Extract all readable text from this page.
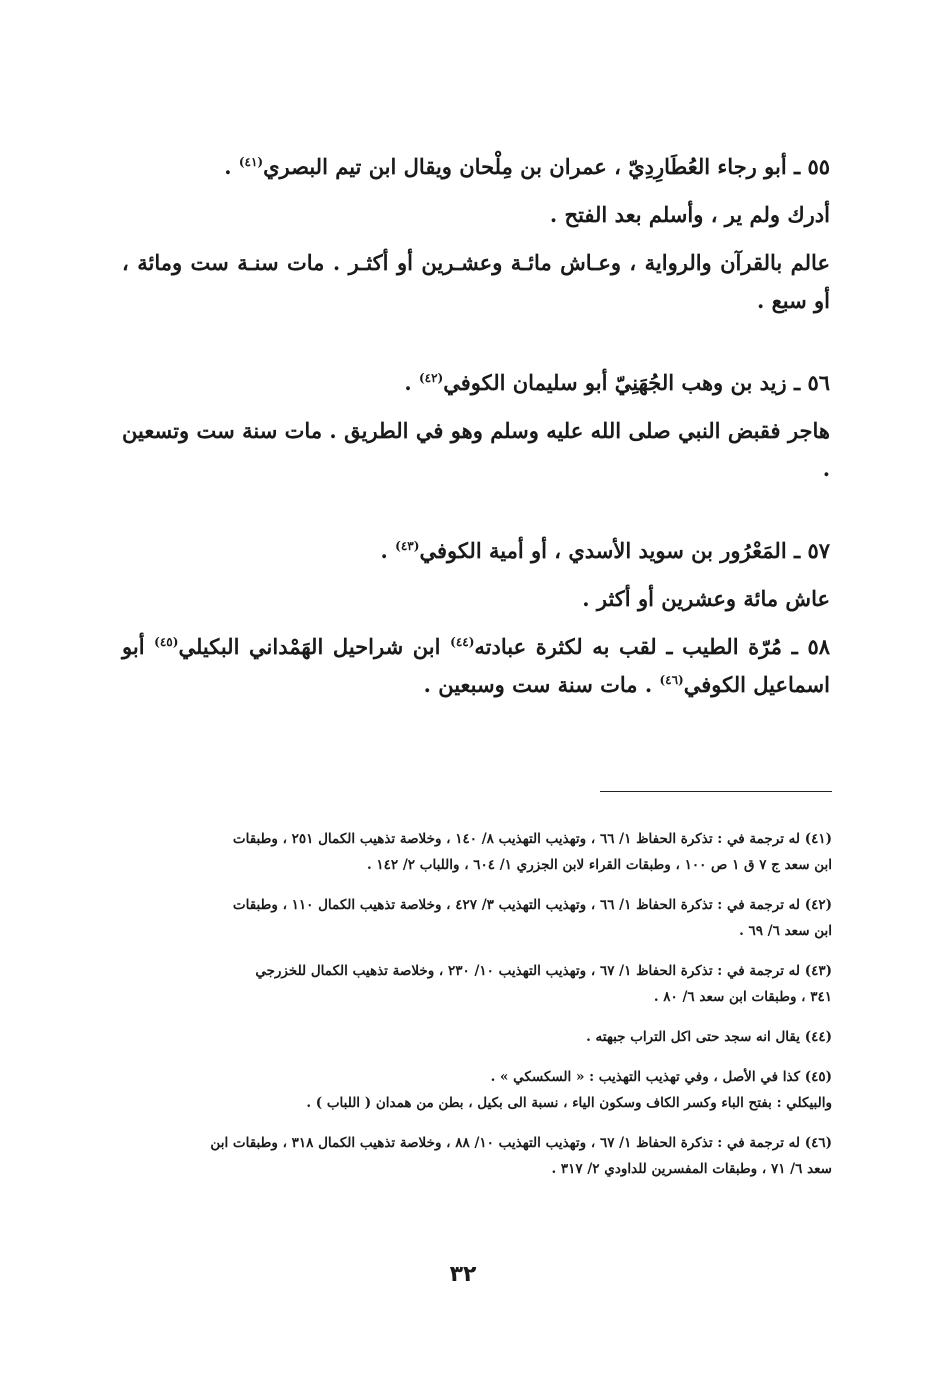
٥٥ ـ أبو رجاء العُطَارِدِيّ ، عمران بن مِلْحان ويقال ابن تيم البصري$^{(٤١)}$ .

أدرك ولم ير ، وأسلم بعد الفتح .

عالم بالقرآن والرواية ، وعـاش مائـة وعشـرين أو أكثـر . مات سنـة ست ومائة ، أو سبع .

٥٦ ـ زيد بن وهب الجُهَنِيّ أبو سليمان الكوفي$^{(٤٢)}$ .

هاجر فقبض النبي صلى الله عليه وسلم وهو في الطريق . مات سنة ست وتسعين .

٥٧ ـ المَعْرُور بن سويد الأسدي ، أو أمية الكوفي$^{(٤٣)}$ .

عاش مائة وعشرين أو أكثر .

٥٨ ـ مُرّة الطيب ـ لقب به لكثرة عبادته$^{(٤٤)}$ ابن شراحيل الهَمْداني البكيلي$^{(٤٥)}$ أبو اسماعيل الكوفي$^{(٤٦)}$ . مات سنة ست وسبعين .

(٤١) له ترجمة في : تذكرة الحفاظ ١/ ٦٦ ، وتهذيب التهذيب ٨/ ١٤٠ ، وخلاصة تذهيب الكمال ٢٥١ ، وطبقات
ابن سعد ج ٧ ق ١ ص ١٠٠ ، وطبقات القراء لابن الجزري ١/ ٦٠٤ ، واللباب ٢/ ١٤٢ .
(٤٢) له ترجمة في : تذكرة الحفاظ ١/ ٦٦ ، وتهذيب التهذيب ٣/ ٤٢٧ ، وخلاصة تذهيب الكمال ١١٠ ، وطبقات
ابن سعد ٦/ ٦٩ .
(٤٣) له ترجمة في : تذكرة الحفاظ ١/ ٦٧ ، وتهذيب التهذيب ١٠/ ٢٣٠ ، وخلاصة تذهيب الكمال للخزرجي
٣٤١ ، وطبقات ابن سعد ٦/ ٨٠ .
(٤٤) يقال انه سجد حتى اكل التراب جبهته .
(٤٥) كذا في الأصل ، وفي تهذيب التهذيب : « السكسكي » .
والبيكلي : بفتح الباء وكسر الكاف وسكون الياء ، نسبة الى بكيل ، بطن من همدان ( اللباب ) .
(٤٦) له ترجمة في : تذكرة الحفاظ ١/ ٦٧ ، وتهذيب التهذيب ١٠/ ٨٨ ، وخلاصة تذهيب الكمال ٣١٨ ، وطبقات ابن
سعد ٦/ ٧١ ، وطبقات المفسرين للداودي ٢/ ٣١٧ .
٣٢
